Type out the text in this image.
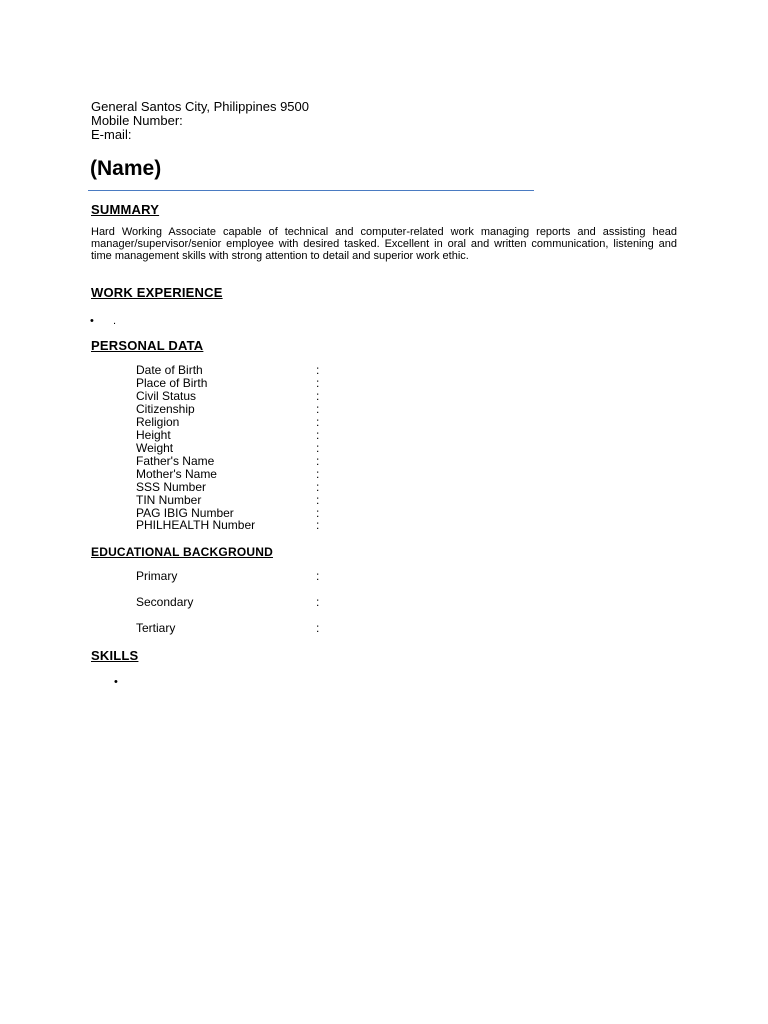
General Santos City, Philippines 9500
Mobile Number:
E-mail:
(Name)
SUMMARY
Hard Working Associate capable of technical and computer-related work managing reports and assisting head manager/supervisor/senior employee with desired tasked. Excellent in oral and written communication, listening and time management skills with strong attention to detail and superior work ethic.
WORK EXPERIENCE
• .
PERSONAL DATA
Date of Birth	:
Place of Birth	:
Civil Status	:
Citizenship	:
Religion	:
Height	:
Weight	:
Father's Name	:
Mother's Name	:
SSS Number	:
TIN Number	:
PAG IBIG Number	:
PHILHEALTH Number	:
EDUCATIONAL BACKGROUND
Primary	:
Secondary	:
Tertiary	:
SKILLS
•
